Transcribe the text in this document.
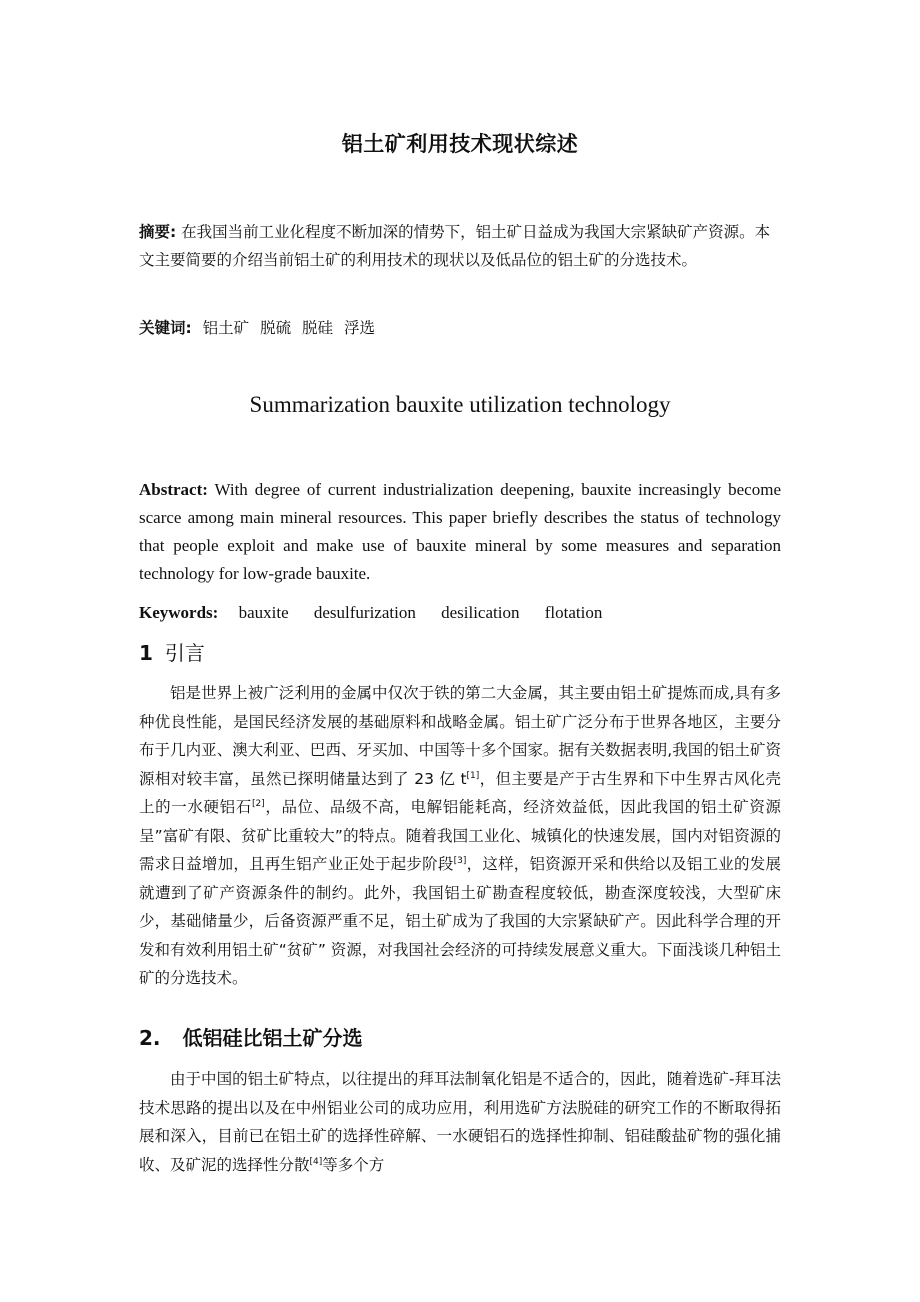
铝土矿利用技术现状综述
摘要: 在我国当前工业化程度不断加深的情势下，铝土矿日益成为我国大宗紧缺矿产资源。本文主要简要的介绍当前铝土矿的利用技术的现状以及低品位的铝土矿的分选技术。
关键词: 铝土矿 脱硫 脱硅 浮选
Summarization bauxite utilization technology
Abstract: With degree of current industrialization deepening, bauxite increasingly become scarce among main mineral resources. This paper briefly describes the status of technology that people exploit and make use of bauxite mineral by some measures and separation technology for low-grade bauxite.
Keywords: bauxite desulfurization desilication flotation
1 引言
铝是世界上被广泛利用的金属中仅次于铁的第二大金属，其主要由铝土矿提炼而成,具有多种优良性能，是国民经济发展的基础原料和战略金属。铝土矿广泛分布于世界各地区，主要分布于几内亚、澳大利亚、巴西、牙买加、中国等十多个国家。据有关数据表明,我国的铝土矿资源相对较丰富，虽然已探明储量达到了 23 亿 t[1]，但主要是产于古生界和下中生界古风化壳上的一水硬铝石[2]，品位、品级不高，电解铝能耗高，经济效益低，因此我国的铝土矿资源呈”富矿有限、贫矿比重较大”的特点。随着我国工业化、城镇化的快速发展，国内对铝资源的需求日益增加，且再生铝产业正处于起步阶段[3]，这样，铝资源开采和供给以及铝工业的发展就遭到了矿产资源条件的制约。此外，我国铝土矿勘查程度较低，勘查深度较浅，大型矿床少，基础储量少，后备资源严重不足，铝土矿成为了我国的大宗紧缺矿产。因此科学合理的开发和有效利用铝土矿“贫矿” 资源，对我国社会经济的可持续发展意义重大。下面浅谈几种铝土矿的分选技术。
2. 低铝硅比铝土矿分选
由于中国的铝土矿特点，以往提出的拜耳法制氧化铝是不适合的，因此，随着选矿-拜耳法技术思路的提出以及在中州铝业公司的成功应用，利用选矿方法脱硅的研究工作的不断取得拓展和深入，目前已在铝土矿的选择性碎解、一水硬铝石的选择性抑制、铝硅酸盐矿物的强化捕收、及矿泥的选择性分散[4]等多个方
